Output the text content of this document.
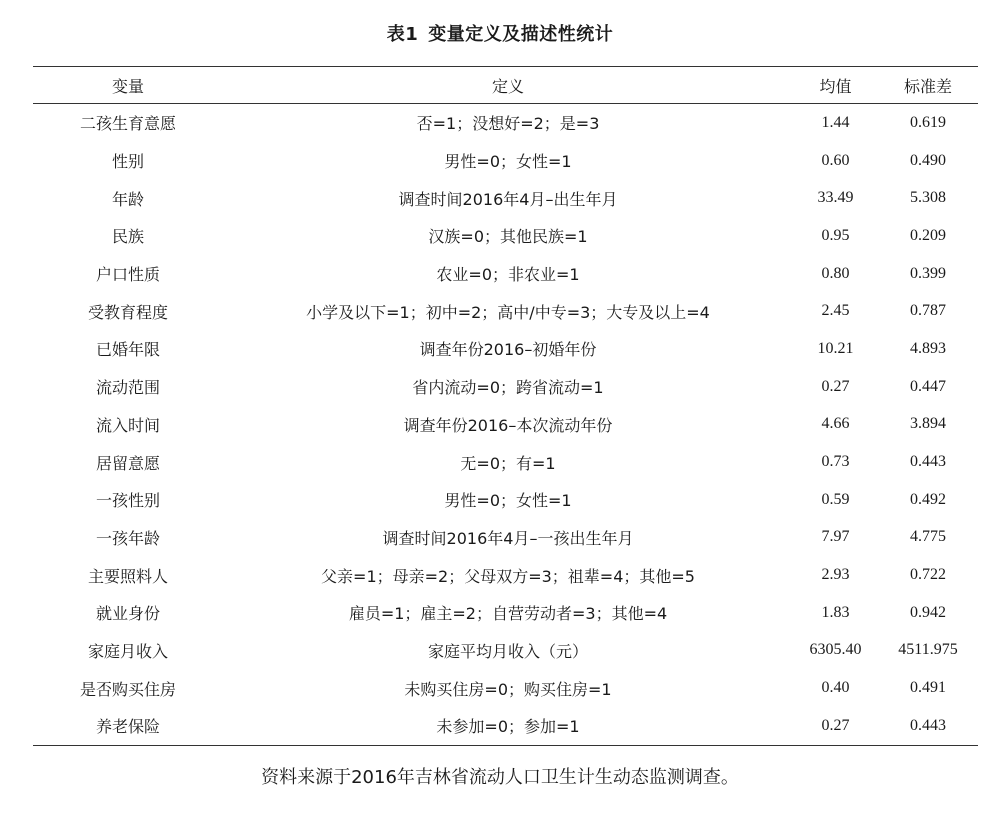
表1 变量定义及描述性统计
变量	定义	均值	标准差
二孩生育意愿	否=1；没想好=2；是=3	1.44	0.619
性别	男性=0；女性=1	0.60	0.490
年龄	调查时间2016年4月–出生年月	33.49	5.308
民族	汉族=0；其他民族=1	0.95	0.209
户口性质	农业=0；非农业=1	0.80	0.399
受教育程度	小学及以下=1；初中=2；高中/中专=3；大专及以上=4	2.45	0.787
已婚年限	调查年份2016–初婚年份	10.21	4.893
流动范围	省内流动=0；跨省流动=1	0.27	0.447
流入时间	调查年份2016–本次流动年份	4.66	3.894
居留意愿	无=0；有=1	0.73	0.443
一孩性别	男性=0；女性=1	0.59	0.492
一孩年龄	调查时间2016年4月–一孩出生年月	7.97	4.775
主要照料人	父亲=1；母亲=2；父母双方=3；祖辈=4；其他=5	2.93	0.722
就业身份	雇员=1；雇主=2；自营劳动者=3；其他=4	1.83	0.942
家庭月收入	家庭平均月收入（元）	6305.40	4511.975
是否购买住房	未购买住房=0；购买住房=1	0.40	0.491
养老保险	未参加=0；参加=1	0.27	0.443
资料来源于2016年吉林省流动人口卫生计生动态监测调查。
